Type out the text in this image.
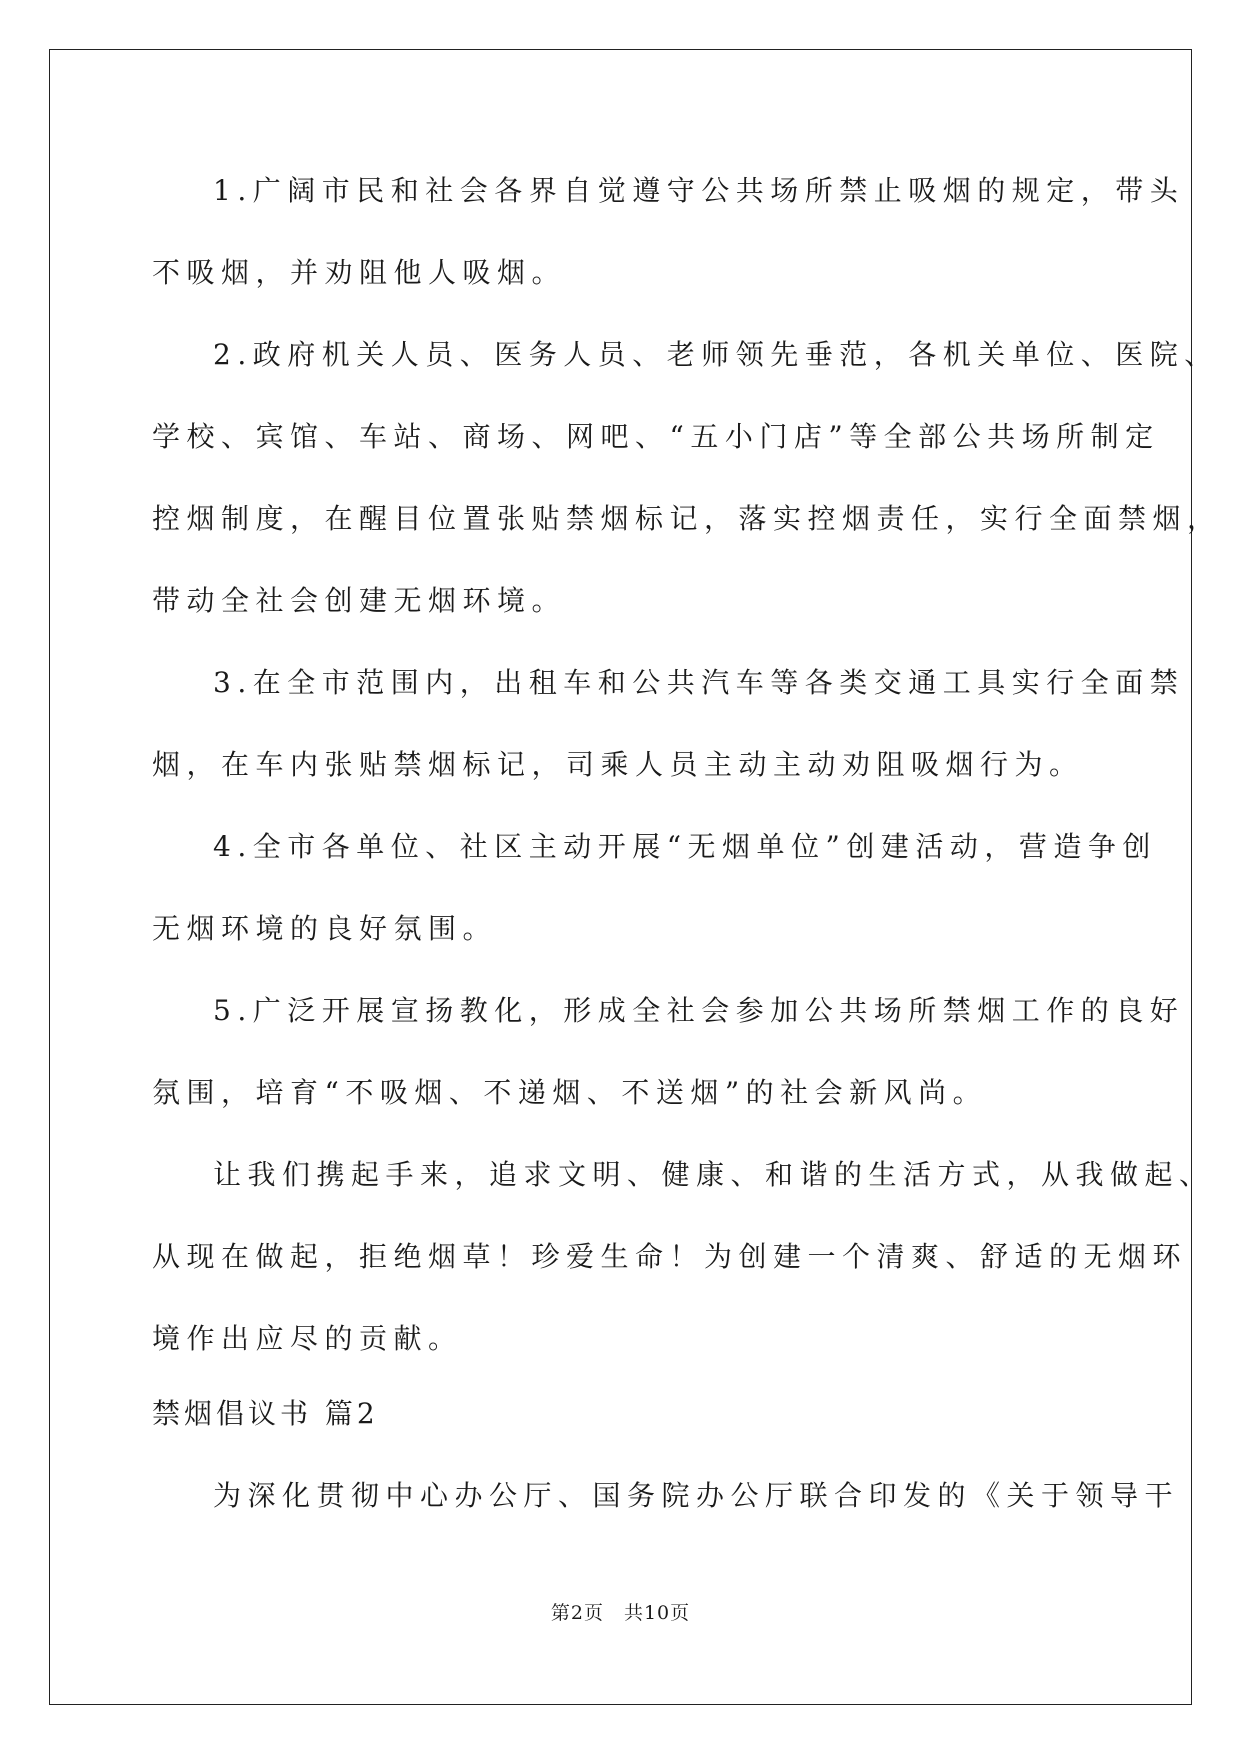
1.广阔市民和社会各界自觉遵守公共场所禁止吸烟的规定，带头
不吸烟，并劝阻他人吸烟。
2.政府机关人员、医务人员、老师领先垂范，各机关单位、医院、
学校、宾馆、车站、商场、网吧、“五小门店”等全部公共场所制定
控烟制度，在醒目位置张贴禁烟标记，落实控烟责任，实行全面禁烟，
带动全社会创建无烟环境。
3.在全市范围内，出租车和公共汽车等各类交通工具实行全面禁
烟，在车内张贴禁烟标记，司乘人员主动主动劝阻吸烟行为。
4.全市各单位、社区主动开展“无烟单位”创建活动，营造争创
无烟环境的良好氛围。
5.广泛开展宣扬教化，形成全社会参加公共场所禁烟工作的良好
氛围，培育“不吸烟、不递烟、不送烟”的社会新风尚。
让我们携起手来，追求文明、健康、和谐的生活方式，从我做起、
从现在做起，拒绝烟草！珍爱生命！为创建一个清爽、舒适的无烟环
境作出应尽的贡献。
禁烟倡议书 篇2
为深化贯彻中心办公厅、国务院办公厅联合印发的《关于领导干
第2页　共10页
